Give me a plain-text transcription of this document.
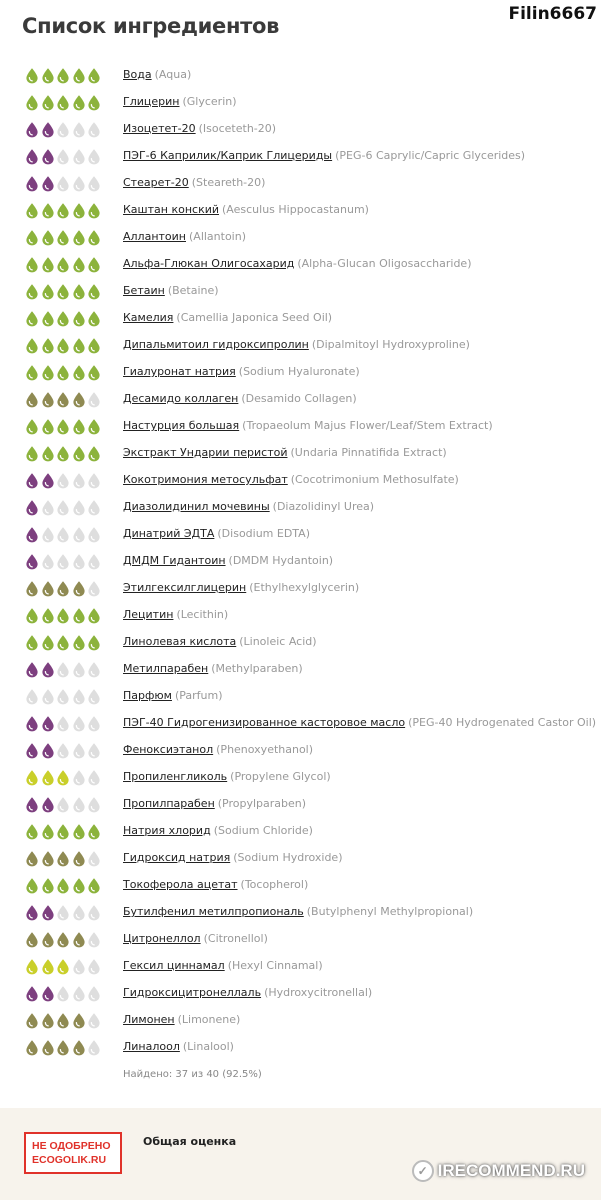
Список ингредиентов	Filin6667
Вода (Aqua)
Глицерин (Glycerin)
Изоцетет-20 (Isoceteth-20)
ПЭГ-6 Каприлик/Каприк Глицериды (PEG-6 Caprylic/Capric Glycerides)
Стеарет-20 (Steareth-20)
Каштан конский (Aesculus Hippocastanum)
Аллантоин (Allantoin)
Альфа-Глюкан Олигосахарид (Alpha-Glucan Oligosaccharide)
Бетаин (Betaine)
Камелия (Camellia Japonica Seed Oil)
Дипальмитоил гидроксипролин (Dipalmitoyl Hydroxyproline)
Гиалуронат натрия (Sodium Hyaluronate)
Десамидо коллаген (Desamido Collagen)
Настурция большая (Tropaeolum Majus Flower/Leaf/Stem Extract)
Экстракт Ундарии перистой (Undaria Pinnatifida Extract)
Кокотримония метосульфат (Cocotrimonium Methosulfate)
Диазолидинил мочевины (Diazolidinyl Urea)
Динатрий ЭДТА (Disodium EDTA)
ДМДМ Гидантоин (DMDM Hydantoin)
Этилгексилглицерин (Ethylhexylglycerin)
Лецитин (Lecithin)
Линолевая кислота (Linoleic Acid)
Метилпарабен (Methylparaben)
Парфюм (Parfum)
ПЭГ-40 Гидрогенизированное касторовое масло (PEG-40 Hydrogenated Castor Oil)
Феноксиэтанол (Phenoxyethanol)
Пропиленгликоль (Propylene Glycol)
Пропилпарабен (Propylparaben)
Натрия хлорид (Sodium Chloride)
Гидроксид натрия (Sodium Hydroxide)
Токоферола ацетат (Tocopherol)
Бутилфенил метилпропиональ (Butylphenyl Methylpropional)
Цитронеллол (Citronellol)
Гексил циннамал (Hexyl Cinnamal)
Гидроксицитронеллаль (Hydroxycitronellal)
Лимонен (Limonene)
Линалоол (Linalool)
Найдено: 37 из 40 (92.5%)
НЕ ОДОБРЕНО
ECOGOLIK.RU
Общая оценка
✓ IRECOMMEND.RU
